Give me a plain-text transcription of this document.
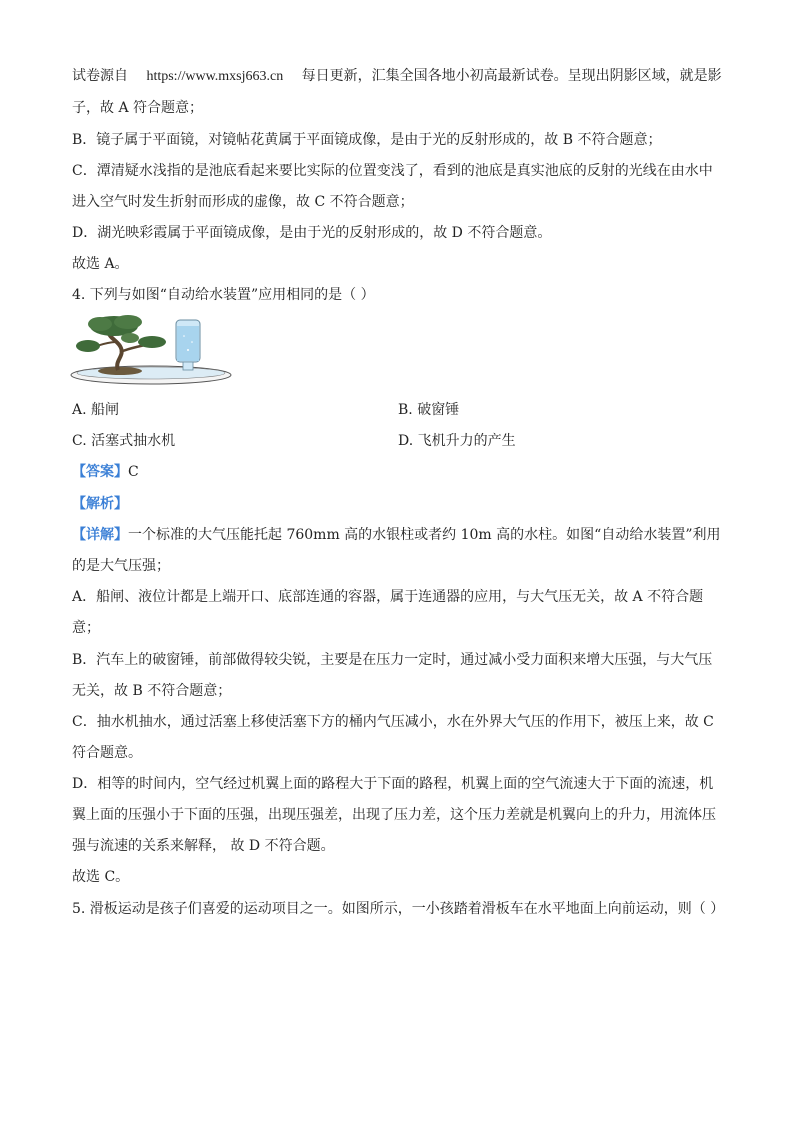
试卷源自 https://www.mxsj663.cn 每日更新，汇集全国各地小初高最新试卷。呈现出阴影区域，就是影
子，故 A 符合题意；
B．镜子属于平面镜，对镜帖花黄属于平面镜成像，是由于光的反射形成的，故 B 不符合题意；
C．潭清疑水浅指的是池底看起来要比实际的位置变浅了，看到的池底是真实池底的反射的光线在由水中
进入空气时发生折射而形成的虚像，故 C 不符合题意；
D．湖光映彩霞属于平面镜成像，是由于光的反射形成的，故 D 不符合题意。
故选 A。
4. 下列与如图“自动给水装置”应用相同的是（ ）
A. 船闸	B. 破窗锤
C. 活塞式抽水机	D. 飞机升力的产生
【答案】C
【解析】
【详解】一个标准的大气压能托起 760mm 高的水银柱或者约 10m 高的水柱。如图“自动给水装置”利用
的是大气压强；
A．船闸、液位计都是上端开口、底部连通的容器，属于连通器的应用，与大气压无关，故 A 不符合题
意；
B．汽车上的破窗锤，前部做得较尖锐，主要是在压力一定时，通过减小受力面积来增大压强，与大气压
无关，故 B 不符合题意；
C．抽水机抽水，通过活塞上移使活塞下方的桶内气压减小，水在外界大气压的作用下，被压上来，故 C
符合题意。
D．相等的时间内，空气经过机翼上面的路程大于下面的路程，机翼上面的空气流速大于下面的流速，机
翼上面的压强小于下面的压强，出现压强差，出现了压力差，这个压力差就是机翼向上的升力，用流体压
强与流速的关系来解释， 故 D 不符合题。
故选 C。
5. 滑板运动是孩子们喜爱的运动项目之一。如图所示，一小孩踏着滑板车在水平地面上向前运动，则（ ）
